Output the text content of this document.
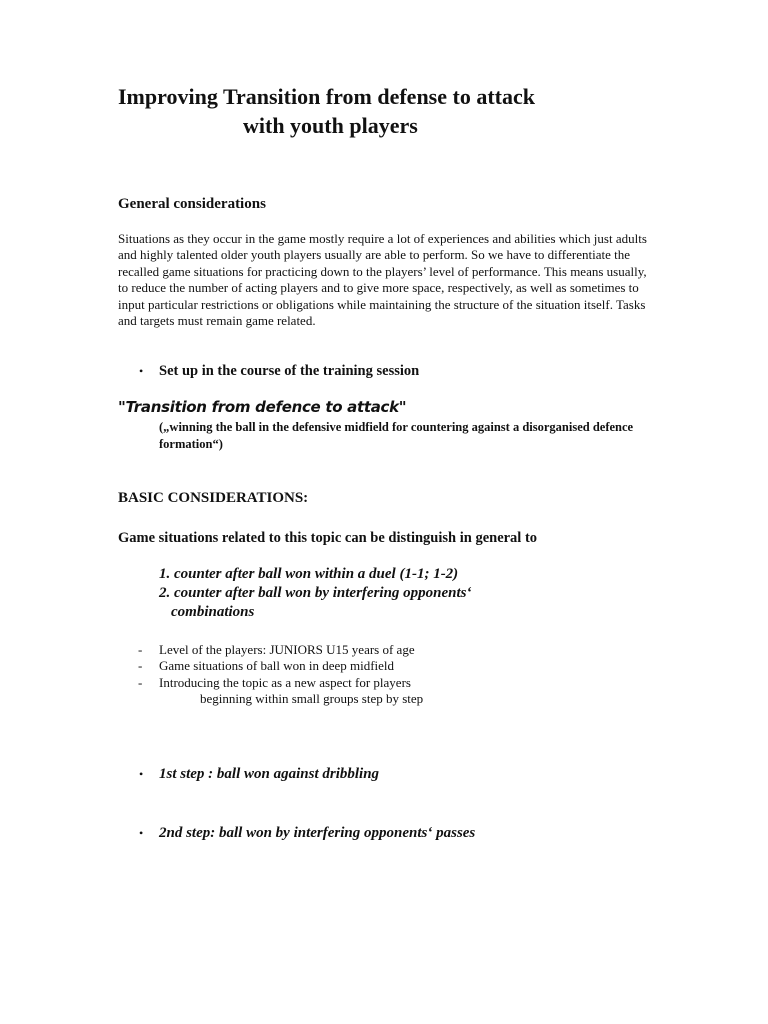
Improving Transition from defense to attack
with youth players
General considerations
Situations as they occur in the game mostly require a lot of experiences and abilities which just adults and highly talented older youth players usually are able to perform. So we have to differentiate the recalled game situations for practicing down to the players’ level of performance. This means usually, to reduce the number of acting players and to give more space, respectively, as well as sometimes to input particular restrictions or obligations while maintaining the structure of the situation itself. Tasks and targets must remain game related.
• Set up in the course of the training session
"Transition from defence to attack"
(„winning the ball in the defensive midfield for countering against a disorganised defence formation“)
BASIC CONSIDERATIONS:
Game situations related to this topic can be distinguish in general to
1. counter after ball won within a duel (1-1; 1-2)
2. counter after ball won by interfering opponents‘
combinations
- Level of the players: JUNIORS U15 years of age
- Game situations of ball won in deep midfield
- Introducing the topic as a new aspect for players
beginning within small groups step by step
• 1st step : ball won against dribbling
• 2nd step: ball won by interfering opponents‘ passes
